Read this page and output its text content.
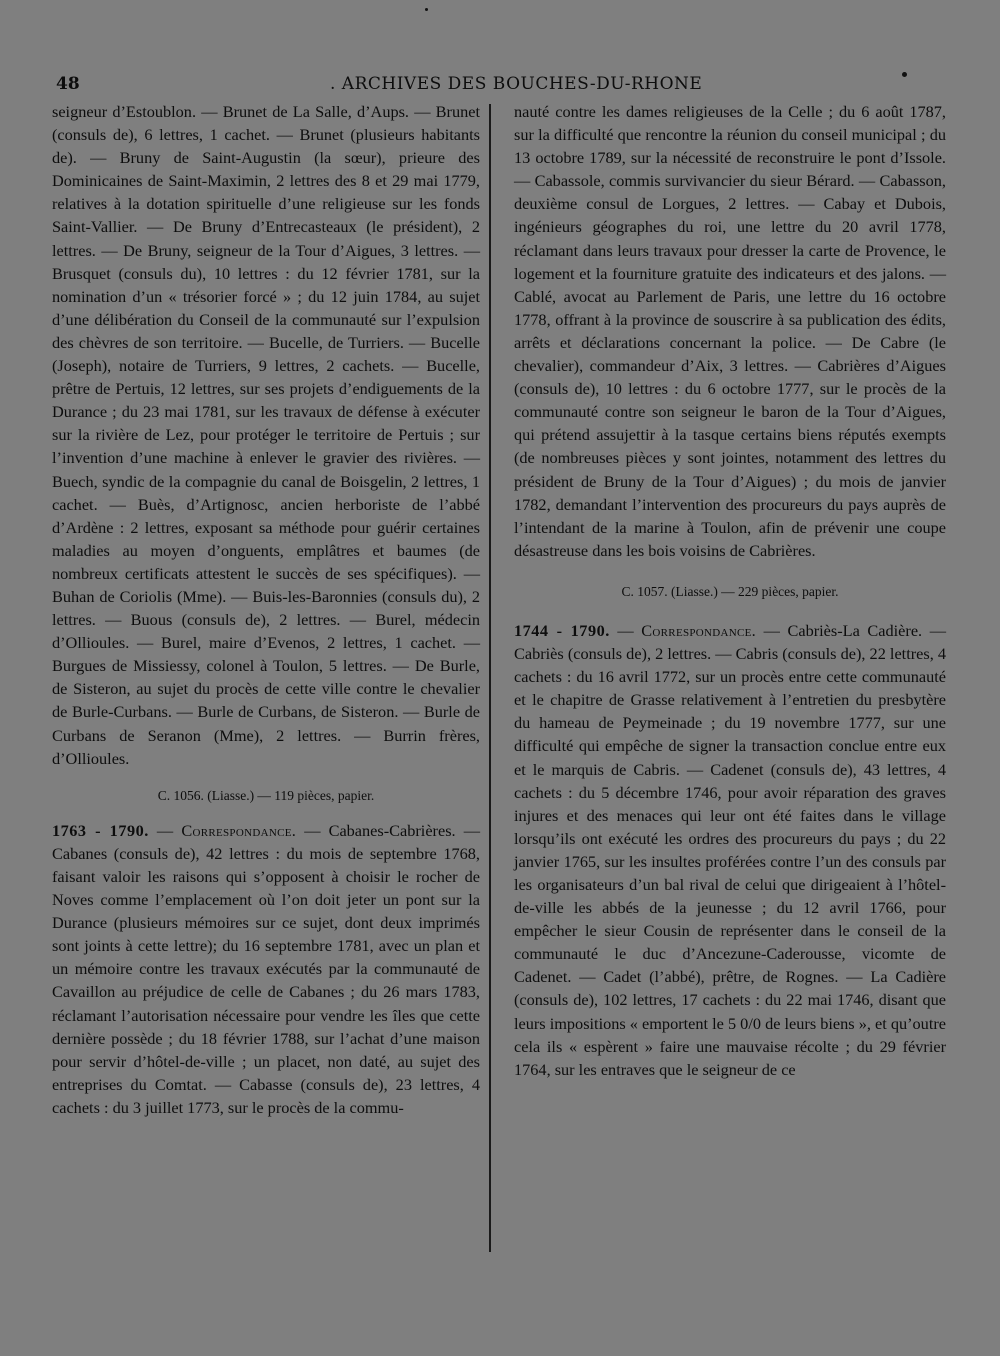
48	. ARCHIVES DES BOUCHES-DU-RHONE

seigneur d’Estoublon. — Brunet de La Salle, d’Aups. — Brunet (consuls de), 6 lettres, 1 cachet. — Brunet (plusieurs habitants de). — Bruny de Saint-Augustin (la sœur), prieure des Dominicaines de Saint-Maximin, 2 lettres des 8 et 29 mai 1779, relatives à la dotation spirituelle d’une religieuse sur les fonds Saint-Vallier. — De Bruny d’Entrecasteaux (le président), 2 lettres. — De Bruny, seigneur de la Tour d’Aigues, 3 lettres. — Brusquet (consuls du), 10 lettres : du 12 février 1781, sur la nomination d’un « trésorier forcé » ; du 12 juin 1784, au sujet d’une délibération du Conseil de la communauté sur l’expulsion des chèvres de son territoire. — Bucelle, de Turriers. — Bucelle (Joseph), notaire de Turriers, 9 lettres, 2 cachets. — Bucelle, prêtre de Pertuis, 12 lettres, sur ses projets d’endiguements de la Durance ; du 23 mai 1781, sur les travaux de défense à exécuter sur la rivière de Lez, pour protéger le territoire de Pertuis ; sur l’invention d’une machine à enlever le gravier des rivières. — Buech, syndic de la compagnie du canal de Boisgelin, 2 lettres, 1 cachet. — Buès, d’Artignosc, ancien herboriste de l’abbé d’Ardène : 2 lettres, exposant sa méthode pour guérir certaines maladies au moyen d’onguents, emplâtres et baumes (de nombreux certificats attestent le succès de ses spécifiques). — Buhan de Coriolis (Mme). — Buis-les-Baronnies (consuls du), 2 lettres. — Buous (consuls de), 2 lettres. — Burel, médecin d’Ollioules. — Burel, maire d’Evenos, 2 lettres, 1 cachet. — Burgues de Missiessy, colonel à Toulon, 5 lettres. — De Burle, de Sisteron, au sujet du procès de cette ville contre le chevalier de Burle-Curbans. — Burle de Curbans, de Sisteron. — Burle de Curbans de Seranon (Mme), 2 lettres. — Burrin frères, d’Ollioules.

C. 1056. (Liasse.) — 119 pièces, papier.

1763 - 1790. — Correspondance. — Cabanes-Cabrières. — Cabanes (consuls de), 42 lettres : du mois de septembre 1768, faisant valoir les raisons qui s’opposent à choisir le rocher de Noves comme l’emplacement où l’on doit jeter un pont sur la Durance (plusieurs mémoires sur ce sujet, dont deux imprimés sont joints à cette lettre); du 16 septembre 1781, avec un plan et un mémoire contre les travaux exécutés par la communauté de Cavaillon au préjudice de celle de Cabanes ; du 26 mars 1783, réclamant l’autorisation nécessaire pour vendre les îles que cette dernière possède ; du 18 février 1788, sur l’achat d’une maison pour servir d’hôtel-de-ville ; un placet, non daté, au sujet des entreprises du Comtat. — Cabasse (consuls de), 23 lettres, 4 cachets : du 3 juillet 1773, sur le procès de la commu-

nauté contre les dames religieuses de la Celle ; du 6 août 1787, sur la difficulté que rencontre la réunion du conseil municipal ; du 13 octobre 1789, sur la nécessité de reconstruire le pont d’Issole. — Cabassole, commis survivancier du sieur Bérard. — Cabasson, deuxième consul de Lorgues, 2 lettres. — Cabay et Dubois, ingénieurs géographes du roi, une lettre du 20 avril 1778, réclamant dans leurs travaux pour dresser la carte de Provence, le logement et la fourniture gratuite des indicateurs et des jalons. — Cablé, avocat au Parlement de Paris, une lettre du 16 octobre 1778, offrant à la province de souscrire à sa publication des édits, arrêts et déclarations concernant la police. — De Cabre (le chevalier), commandeur d’Aix, 3 lettres. — Cabrières d’Aigues (consuls de), 10 lettres : du 6 octobre 1777, sur le procès de la communauté contre son seigneur le baron de la Tour d’Aigues, qui prétend assujettir à la tasque certains biens réputés exempts (de nombreuses pièces y sont jointes, notamment des lettres du président de Bruny de la Tour d’Aigues) ; du mois de janvier 1782, demandant l’intervention des procureurs du pays auprès de l’intendant de la marine à Toulon, afin de prévenir une coupe désastreuse dans les bois voisins de Cabrières.

C. 1057. (Liasse.) — 229 pièces, papier.

1744 - 1790. — Correspondance. — Cabriès-La Cadière. — Cabriès (consuls de), 2 lettres. — Cabris (consuls de), 22 lettres, 4 cachets : du 16 avril 1772, sur un procès entre cette communauté et le chapitre de Grasse relativement à l’entretien du presbytère du hameau de Peymeinade ; du 19 novembre 1777, sur une difficulté qui empêche de signer la transaction conclue entre eux et le marquis de Cabris. — Cadenet (consuls de), 43 lettres, 4 cachets : du 5 décembre 1746, pour avoir réparation des graves injures et des menaces qui leur ont été faites dans le village lorsqu’ils ont exécuté les ordres des procureurs du pays ; du 22 janvier 1765, sur les insultes proférées contre l’un des consuls par les organisateurs d’un bal rival de celui que dirigeaient à l’hôtel-de-ville les abbés de la jeunesse ; du 12 avril 1766, pour empêcher le sieur Cousin de représenter dans le conseil de la communauté le duc d’Ancezune-Caderousse, vicomte de Cadenet. — Cadet (l’abbé), prêtre, de Rognes. — La Cadière (consuls de), 102 lettres, 17 cachets : du 22 mai 1746, disant que leurs impositions « emportent le 5 0/0 de leurs biens », et qu’outre cela ils « espèrent » faire une mauvaise récolte ; du 29 février 1764, sur les entraves que le seigneur de ce
